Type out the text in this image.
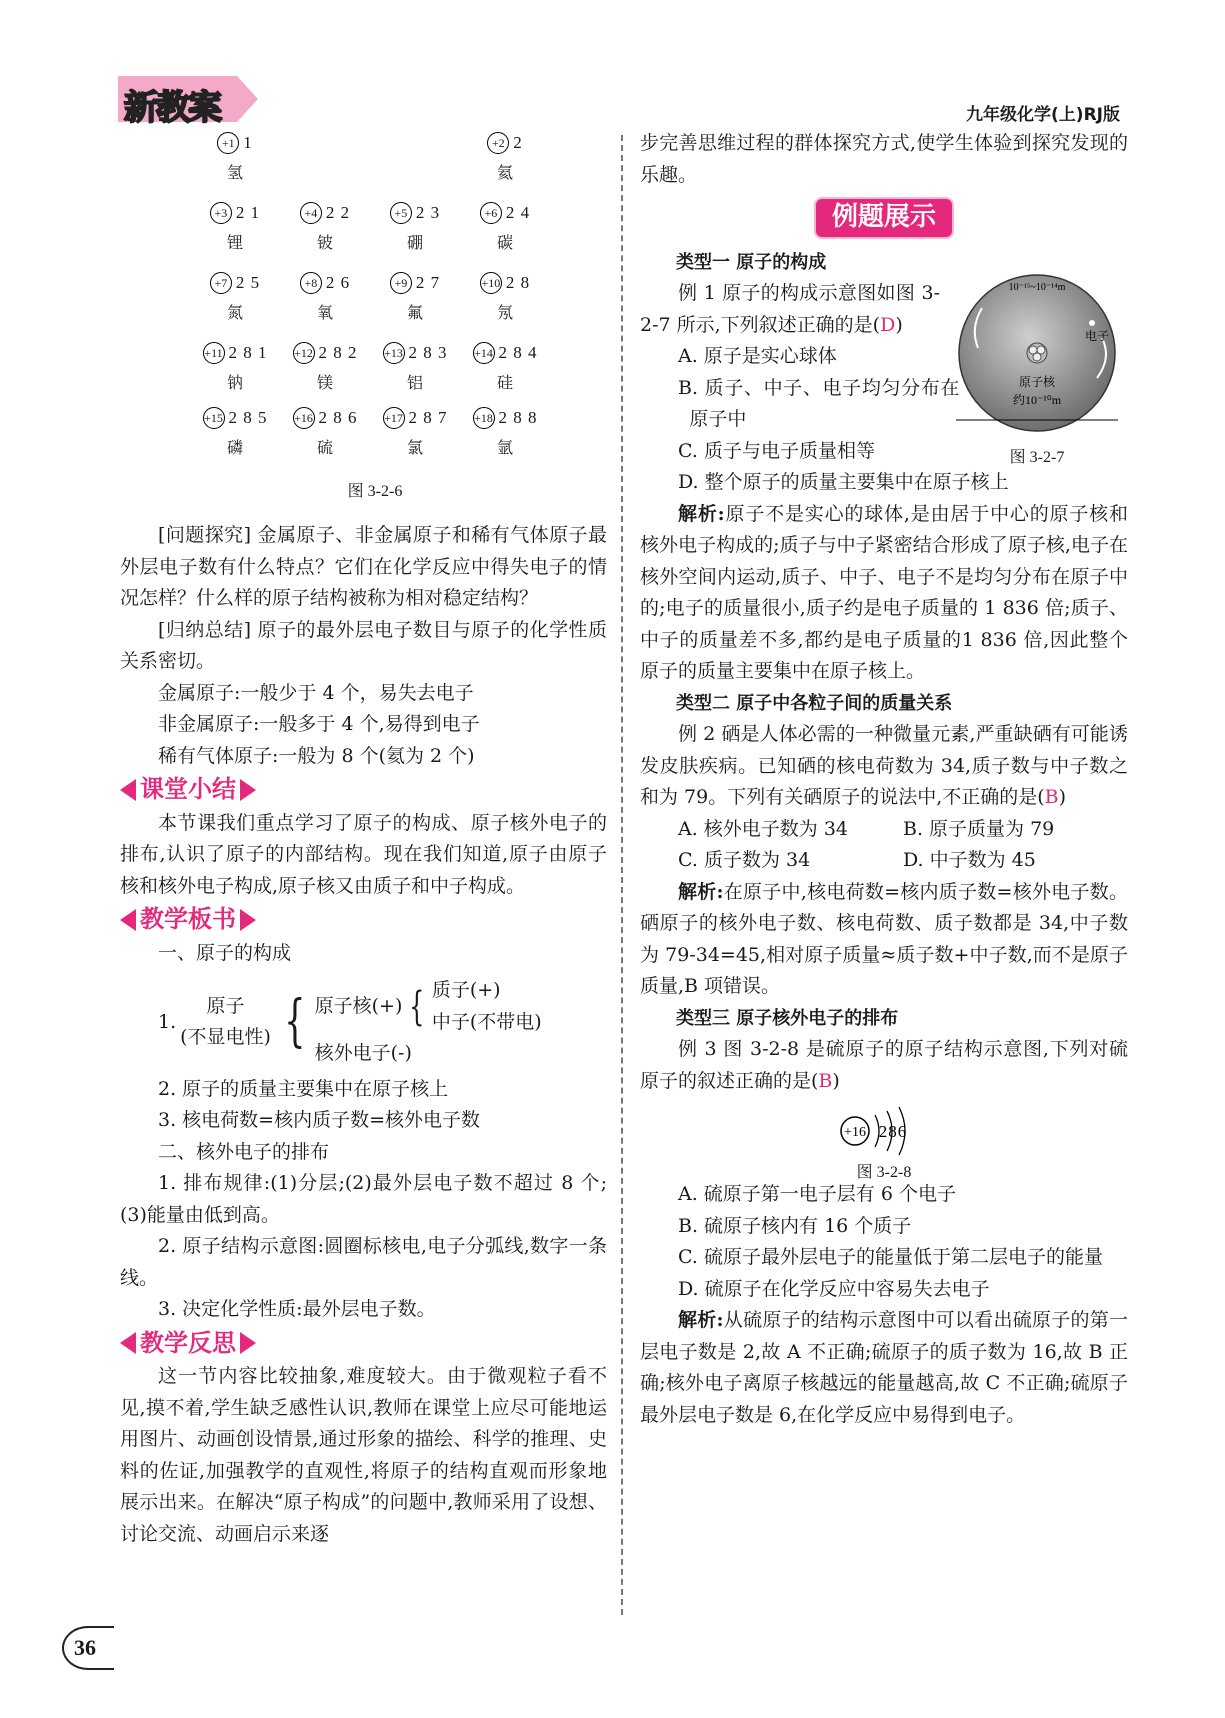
新教案	九年级化学(上)RJ版
+1 1
氢
+2 2
氦
+3 2 1
锂
+4 2 2
铍
+5 2 3
硼
+6 2 4
碳
+7 2 5
氮
+8 2 6
氧
+9 2 7
氟
+10 2 8
氖
+11 2 8 1
钠
+12 2 8 2
镁
+13 2 8 3
铝
+14 2 8 4
硅
+15 2 8 5
磷
+16 2 8 6
硫
+17 2 8 7
氯
+18 2 8 8
氩
图 3-2-6

[问题探究] 金属原子、非金属原子和稀有气体原子最外层电子数有什么特点？它们在化学反应中得失电子的情况怎样？什么样的原子结构被称为相对稳定结构？

[归纳总结] 原子的最外层电子数目与原子的化学性质关系密切。

金属原子:一般少于 4 个，易失去电子

非金属原子:一般多于 4 个,易得到电子

稀有气体原子:一般为 8 个(氦为 2 个)

课堂小结

本节课我们重点学习了原子的构成、原子核外电子的排布,认识了原子的内部结构。现在我们知道,原子由原子核和核外电子构成,原子核又由质子和中子构成。

教学板书

一、原子的构成

1.
原子
(不显电性) { 原子核(+) { 质子(+)
中子(不带电)
核外电子(-)

2. 原子的质量主要集中在原子核上

3. 核电荷数=核内质子数=核外电子数

二、核外电子的排布

1. 排布规律:(1)分层;(2)最外层电子数不超过 8 个;(3)能量由低到高。

2. 原子结构示意图:圆圈标核电,电子分弧线,数字一条线。

3. 决定化学性质:最外层电子数。

教学反思

这一节内容比较抽象,难度较大。由于微观粒子看不见,摸不着,学生缺乏感性认识,教师在课堂上应尽可能地运用图片、动画创设情景,通过形象的描绘、科学的推理、史料的佐证,加强教学的直观性,将原子的结构直观而形象地展示出来。在解决“原子构成”的问题中,教师采用了设想、讨论交流、动画启示来逐

步完善思维过程的群体探究方式,使学生体验到探究发现的乐趣。

例题展示

类型一 原子的构成

例 1 原子的构成示意图如图 3-2-7 所示,下列叙述正确的是(D)

A. 原子是实心球体

B. 质子、中子、电子均匀分布在原子中

C. 质子与电子质量相等

D. 整个原子的质量主要集中在原子核上

解析:原子不是实心的球体,是由居于中心的原子核和核外电子构成的;质子与中子紧密结合形成了原子核,电子在核外空间内运动,质子、中子、电子不是均匀分布在原子中的;电子的质量很小,质子约是电子质量的 1 836 倍;质子、中子的质量差不多,都约是电子质量的1 836 倍,因此整个原子的质量主要集中在原子核上。

类型二 原子中各粒子间的质量关系

例 2 硒是人体必需的一种微量元素,严重缺硒有可能诱发皮肤疾病。已知硒的核电荷数为 34,质子数与中子数之和为 79。下列有关硒原子的说法中,不正确的是(B)

A. 核外电子数为 34	B. 原子质量为 79
C. 质子数为 34	D. 中子数为 45

解析:在原子中,核电荷数=核内质子数=核外电子数。硒原子的核外电子数、核电荷数、质子数都是 34,中子数为 79-34=45,相对原子质量≈质子数+中子数,而不是原子质量,B 项错误。

类型三 原子核外电子的排布

例 3 图 3-2-8 是硫原子的原子结构示意图,下列对硫原子的叙述正确的是(B)

+16 286
图 3-2-8

A. 硫原子第一电子层有 6 个电子

B. 硫原子核内有 16 个质子

C. 硫原子最外层电子的能量低于第二层电子的能量

D. 硫原子在化学反应中容易失去电子

解析:从硫原子的结构示意图中可以看出硫原子的第一层电子数是 2,故 A 不正确;硫原子的质子数为 16,故 B 正确;核外电子离原子核越远的能量越高,故 C 不正确;硫原子最外层电子数是 6,在化学反应中易得到电子。

10⁻¹⁵~10⁻¹⁴m
电子
原子核
约10⁻¹⁰m
图 3-2-7
36
